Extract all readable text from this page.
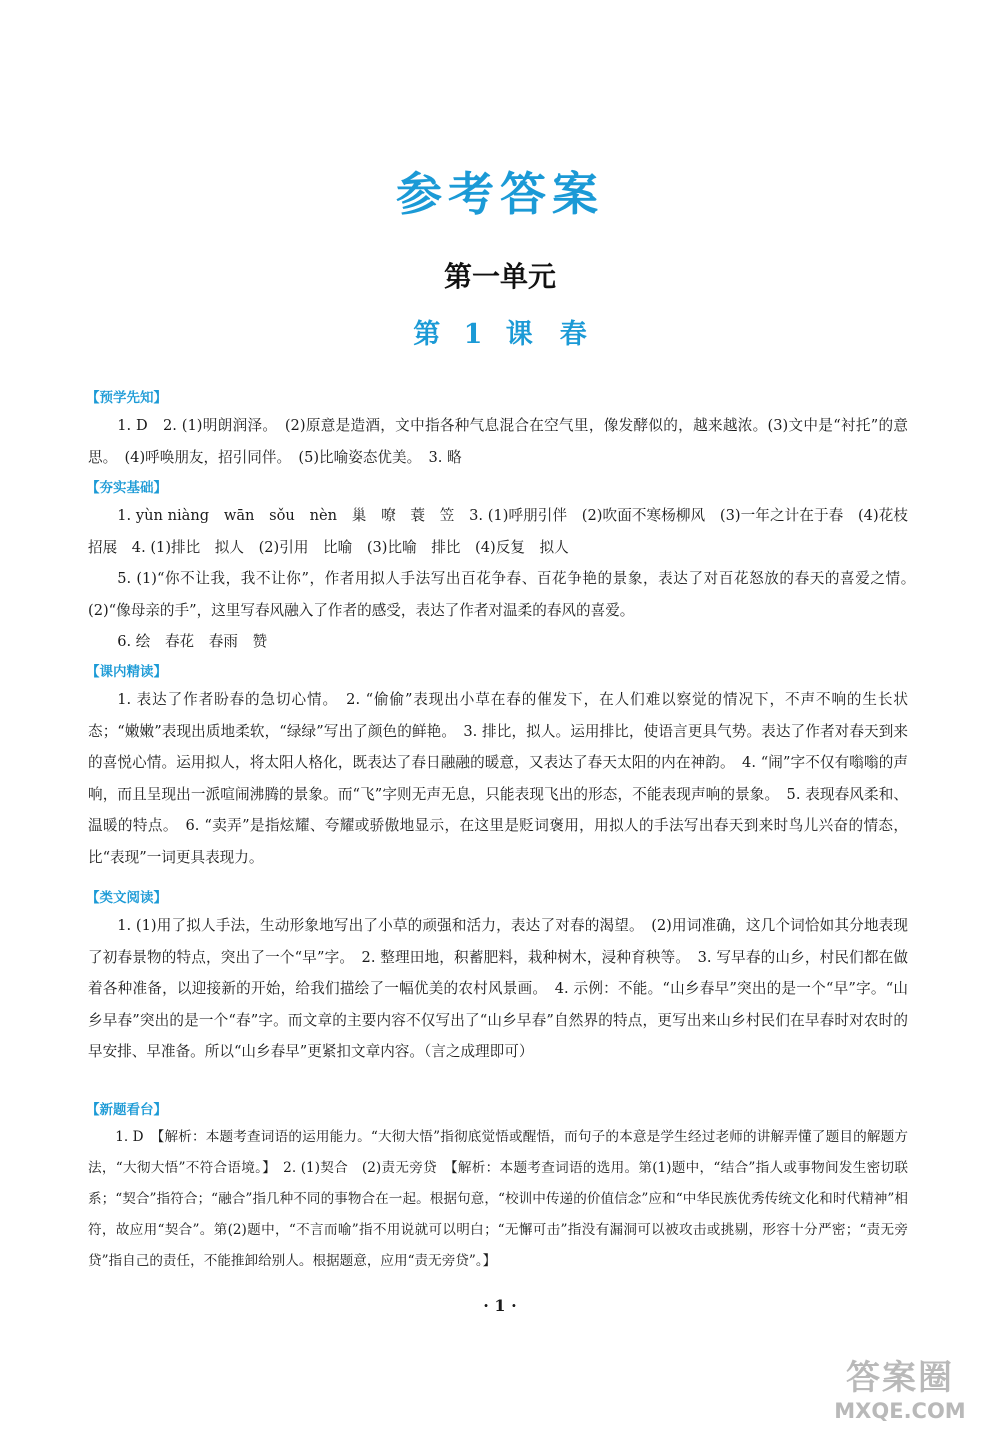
参考答案
第一单元
第 1 课　春
【预学先知】

1. D　2. (1)明朗润泽。　(2)原意是造酒，文中指各种气息混合在空气里，像发酵似的，越来越浓。(3)文中是“衬托”的意思。　(4)呼唤朋友，招引同伴。　(5)比喻姿态优美。　3. 略

【夯实基础】

1. yùn niàng　wān　sǒu　nèn　巢　嘹　蓑　笠　3. (1)呼朋引伴　(2)吹面不寒杨柳风　(3)一年之计在于春　(4)花枝招展　4. (1)排比　拟人　(2)引用　比喻　(3)比喻　排比　(4)反复　拟人

5. (1)“你不让我，我不让你”，作者用拟人手法写出百花争春、百花争艳的景象，表达了对百花怒放的春天的喜爱之情。　(2)“像母亲的手”，这里写春风融入了作者的感受，表达了作者对温柔的春风的喜爱。

6. 绘　春花　春雨　赞

【课内精读】

1. 表达了作者盼春的急切心情。　2. “偷偷”表现出小草在春的催发下，在人们难以察觉的情况下，不声不响的生长状态；“嫩嫩”表现出质地柔软，“绿绿”写出了颜色的鲜艳。　3. 排比，拟人。运用排比，使语言更具气势。表达了作者对春天到来的喜悦心情。运用拟人，将太阳人格化，既表达了春日融融的暖意，又表达了春天太阳的内在神韵。　4. “闹”字不仅有嗡嗡的声响，而且呈现出一派喧闹沸腾的景象。而“飞”字则无声无息，只能表现飞出的形态，不能表现声响的景象。　5. 表现春风柔和、温暖的特点。　6. “卖弄”是指炫耀、夸耀或骄傲地显示，在这里是贬词褒用，用拟人的手法写出春天到来时鸟儿兴奋的情态，比“表现”一词更具表现力。

【类文阅读】

1. (1)用了拟人手法，生动形象地写出了小草的顽强和活力，表达了对春的渴望。　(2)用词准确，这几个词恰如其分地表现了初春景物的特点，突出了一个“早”字。　2. 整理田地，积蓄肥料，栽种树木，浸种育秧等。　3. 写早春的山乡，村民们都在做着各种准备，以迎接新的开始，给我们描绘了一幅优美的农村风景画。　4. 示例：不能。“山乡春早”突出的是一个“早”字。“山乡早春”突出的是一个“春”字。而文章的主要内容不仅写出了“山乡早春”自然界的特点，更写出来山乡村民们在早春时对农时的早安排、早准备。所以“山乡春早”更紧扣文章内容。（言之成理即可）

【新题看台】

1. D　【解析：本题考查词语的运用能力。“大彻大悟”指彻底觉悟或醒悟，而句子的本意是学生经过老师的讲解弄懂了题目的解题方法，“大彻大悟”不符合语境。】　2. (1)契合　(2)责无旁贷　【解析：本题考查词语的选用。第(1)题中，“结合”指人或事物间发生密切联系；“契合”指符合；“融合”指几种不同的事物合在一起。根据句意，“校训中传递的价值信念”应和“中华民族优秀传统文化和时代精神”相符，故应用“契合”。第(2)题中，“不言而喻”指不用说就可以明白；“无懈可击”指没有漏洞可以被攻击或挑剔，形容十分严密；“责无旁贷”指自己的责任，不能推卸给别人。根据题意，应用“责无旁贷”。】

· 1 ·
答案圈
MXQE.COM
